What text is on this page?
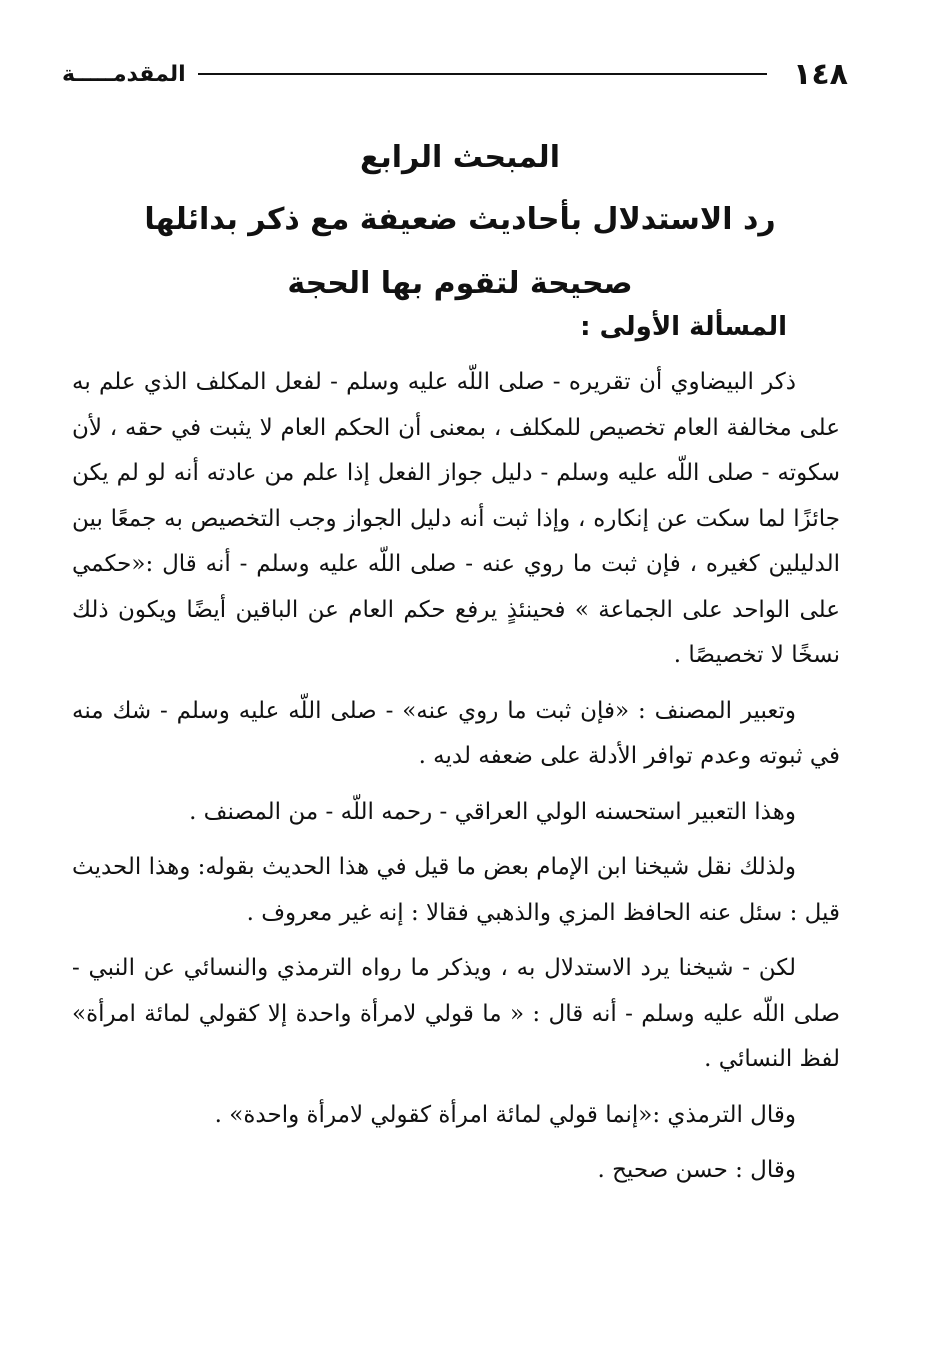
١٤٨
المقدمـــــة
المبحث الرابع
رد الاستدلال بأحاديث ضعيفة مع ذكر بدائلها
صحيحة لتقوم بها الحجة
المسألة الأولى :

ذكر البيضاوي أن تقريره - صلى اللّه عليه وسلم - لفعل المكلف الذي علم به على مخالفة العام تخصيص للمكلف ، بمعنى أن الحكم العام لا يثبت في حقه ، لأن سكوته - صلى اللّه عليه وسلم - دليل جواز الفعل إذا علم من عادته أنه لو لم يكن جائزًا لما سكت عن إنكاره ، وإذا ثبت أنه دليل الجواز وجب التخصيص به جمعًا بين الدليلين كغيره ، فإن ثبت ما روي عنه - صلى اللّه عليه وسلم - أنه قال :«حكمي على الواحد على الجماعة » فحينئذٍ يرفع حكم العام عن الباقين أيضًا ويكون ذلك نسخًا لا تخصيصًا .

وتعبير المصنف : «فإن ثبت ما روي عنه» - صلى اللّه عليه وسلم - شك منه في ثبوته وعدم توافر الأدلة على ضعفه لديه .

وهذا التعبير استحسنه الولي العراقي - رحمه اللّه - من المصنف .

ولذلك نقل شيخنا ابن الإمام بعض ما قيل في هذا الحديث بقوله: وهذا الحديث قيل : سئل عنه الحافظ المزي والذهبي فقالا : إنه غير معروف .

لكن - شيخنا يرد الاستدلال به ، ويذكر ما رواه الترمذي والنسائي عن النبي - صلى اللّه عليه وسلم - أنه قال : « ما قولي لامرأة واحدة إلا كقولي لمائة امرأة» لفظ النسائي .

وقال الترمذي :«إنما قولي لمائة امرأة كقولي لامرأة واحدة» .

وقال : حسن صحيح .
